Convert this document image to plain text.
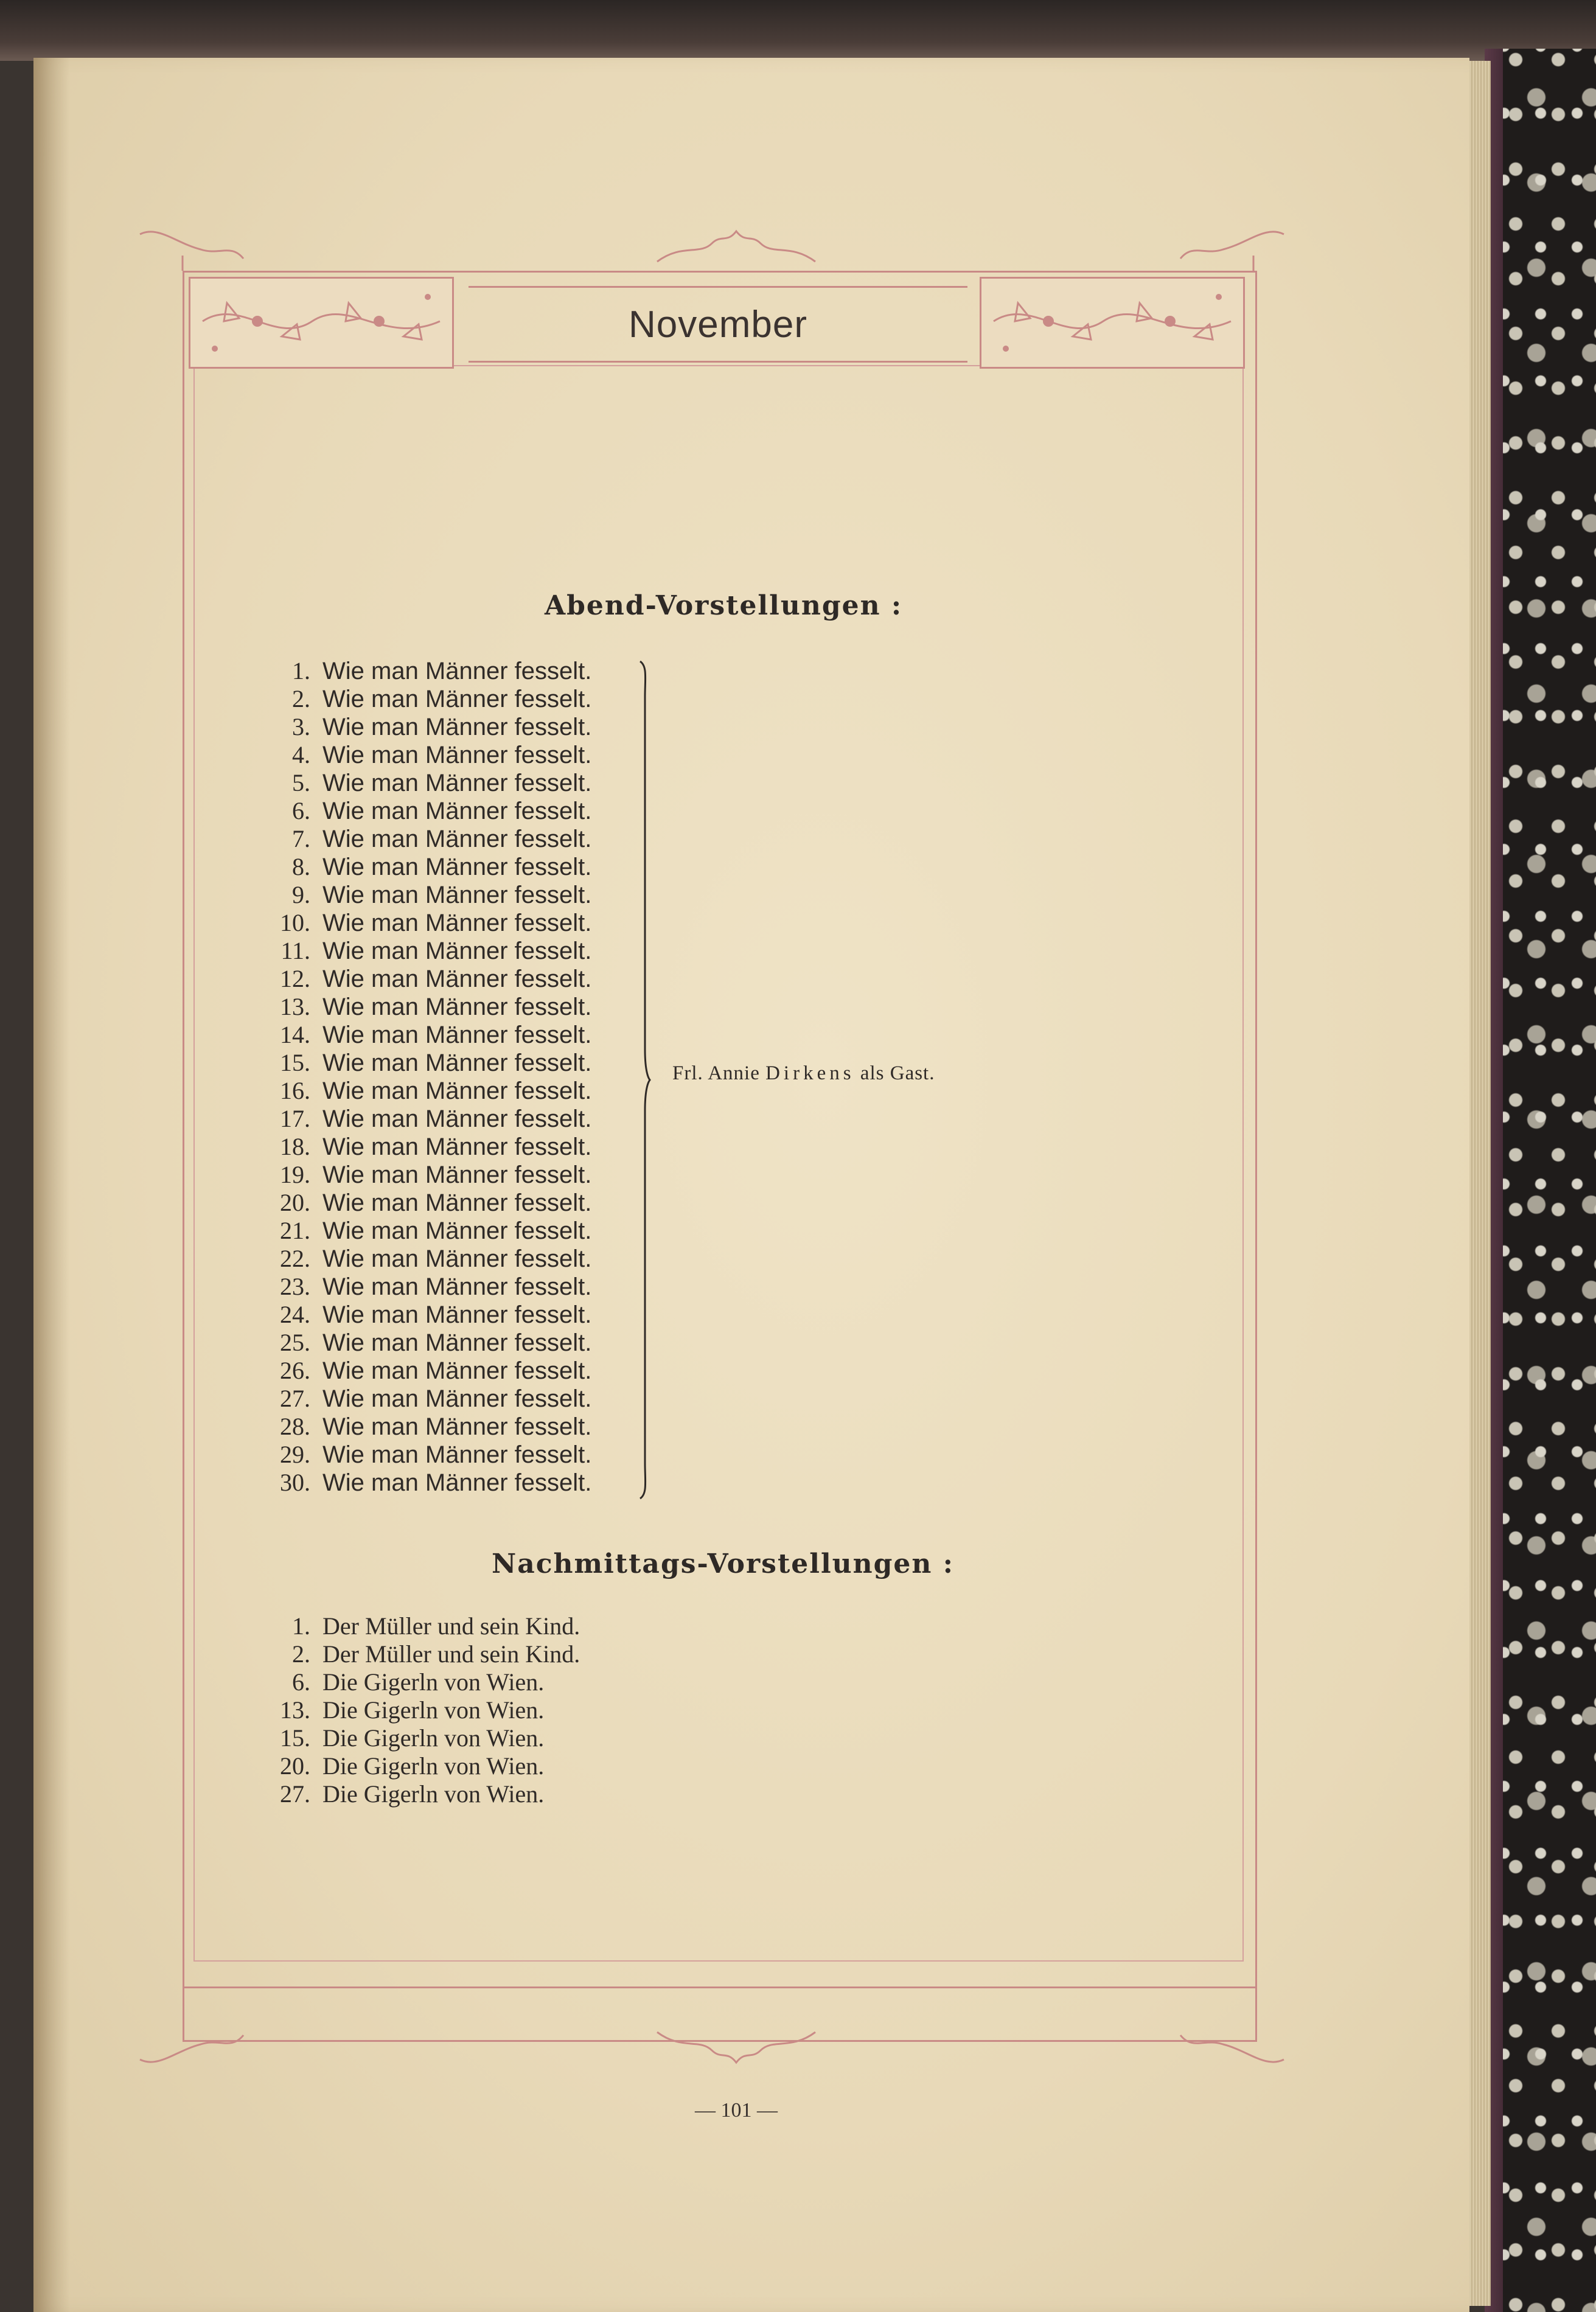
November
Abend-Vorstellungen :
1. Wie man Männer fesselt.
2. Wie man Männer fesselt.
3. Wie man Männer fesselt.
4. Wie man Männer fesselt.
5. Wie man Männer fesselt.
6. Wie man Männer fesselt.
7. Wie man Männer fesselt.
8. Wie man Männer fesselt.
9. Wie man Männer fesselt.
10. Wie man Männer fesselt.
11. Wie man Männer fesselt.
12. Wie man Männer fesselt.
13. Wie man Männer fesselt.
14. Wie man Männer fesselt.
15. Wie man Männer fesselt.
16. Wie man Männer fesselt.
17. Wie man Männer fesselt.
18. Wie man Männer fesselt.
19. Wie man Männer fesselt.
20. Wie man Männer fesselt.
21. Wie man Männer fesselt.
22. Wie man Männer fesselt.
23. Wie man Männer fesselt.
24. Wie man Männer fesselt.
25. Wie man Männer fesselt.
26. Wie man Männer fesselt.
27. Wie man Männer fesselt.
28. Wie man Männer fesselt.
29. Wie man Männer fesselt.
30. Wie man Männer fesselt.
Frl. Annie Dirkens als Gast.
Nachmittags-Vorstellungen :
1. Der Müller und sein Kind.
2. Der Müller und sein Kind.
6. Die Gigerln von Wien.
13. Die Gigerln von Wien.
15. Die Gigerln von Wien.
20. Die Gigerln von Wien.
27. Die Gigerln von Wien.
— 101 —
